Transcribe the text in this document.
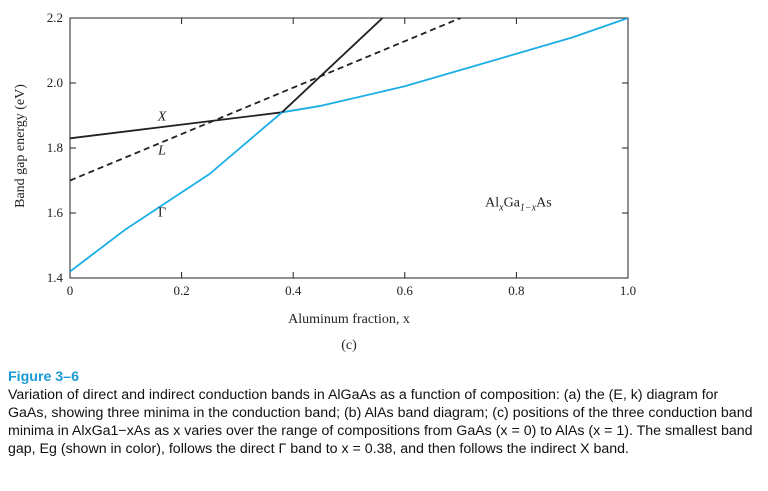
0	0.2	0.4	0.6	0.8	1.0
1.4
1.6
1.8
2.0
2.2
X
L
Γ
$Al_xGa_{1-x}As$
Band gap energy (eV)
Aluminum fraction, x
(c)
Figure 3–6
Variation of direct and indirect conduction bands in AlGaAs as a function of composition: (a) the (E, k) diagram for GaAs, showing three minima in the conduction band; (b) AlAs band diagram; (c) positions of the three conduction band minima in AlxGa1−xAs as x varies over the range of compositions from GaAs (x = 0) to AlAs (x = 1). The smallest band gap, Eg (shown in color), follows the direct Γ band to x = 0.38, and then follows the indirect X band.
